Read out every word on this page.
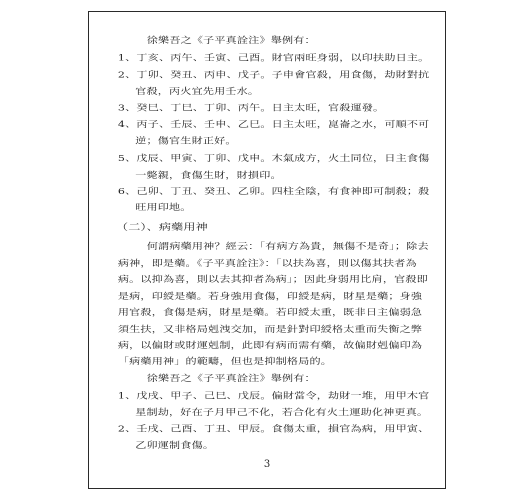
徐樂吾之《子平真詮注》舉例有：
1、丁亥、丙午、壬寅、己酉。財官兩旺身弱，以印扶助日主。
2、丁卯、癸丑、丙申、戊子。子申會官殺，用食傷，劫財對抗
官殺，丙火宜先用壬水。
3、癸巳、丁巳、丁卯、丙午。日主太旺，官殺運發。
4、丙子、壬辰、壬申、乙巳。日主太旺，崑崙之水，可順不可
逆；傷官生財正好。
5、戊辰、甲寅、丁卯、戊申。木氣成方，火土同位，日主食傷
一斃親，食傷生財，財損印。
6、己卯、丁丑、癸丑、乙卯。四柱全陰，有食神即可制殺；殺
旺用印地。
（二）、病藥用神
何謂病藥用神？經云：「有病方為貴，無傷不是奇」；除去
病神，即是藥。《子平真詮注》：「以扶為喜，則以傷其扶者為
病。以抑為喜，則以去其抑者為病」；因此身弱用比肩，官殺即
是病，印綬是藥。若身強用食傷，印綬是病，財星是藥；身強
用官殺，食傷是病，財星是藥。若印綬太重，既非日主偏弱急
須生扶，又非格局剋洩交加，而是針對印綬格太重而失衡之弊
病，以偏財或財運剋制，此即有病而需有藥，故偏財剋偏印為
「病藥用神」的範疇，但也是抑制格局的。
徐樂吾之《子平真詮注》舉例有：
1、戊戌、甲子、己巳、戊辰。偏財當令，劫財一堆，用甲木官
星制劫，好在子月甲己不化，若合化有火土運助化神更真。
2、壬戌、己酉、丁丑、甲辰。食傷太重，損官為病，用甲寅、
乙卯運制食傷。
3
